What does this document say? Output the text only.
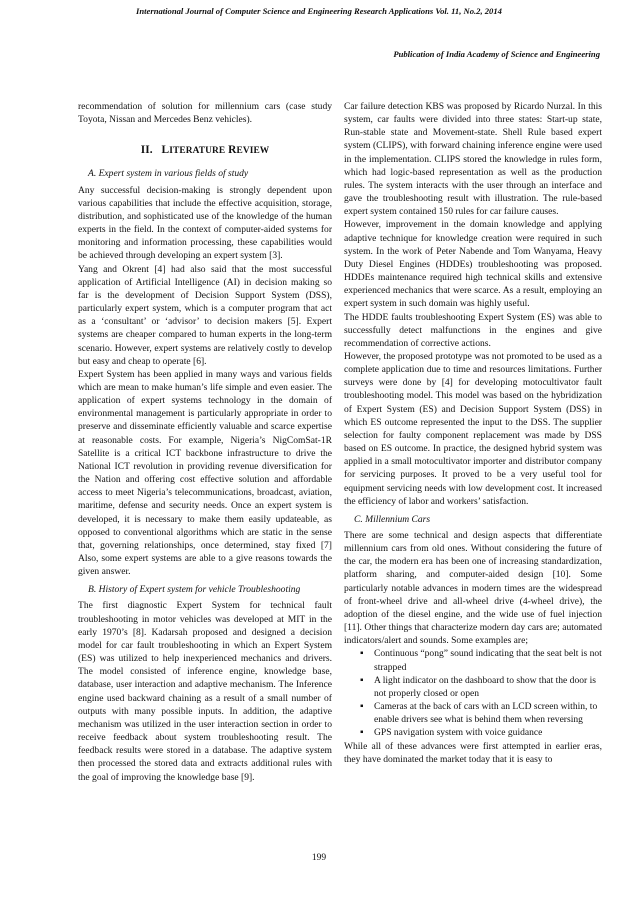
International Journal of Computer Science and Engineering Research Applications Vol. 11, No.2, 2014
Publication of India Academy of Science and Engineering

recommendation of solution for millennium cars (case study Toyota, Nissan and Mercedes Benz vehicles).

II. LITERATURE REVIEW
A. Expert system in various fields of study

Any successful decision-making is strongly dependent upon various capabilities that include the effective acquisition, storage, distribution, and sophisticated use of the knowledge of the human experts in the field. In the context of computer-aided systems for monitoring and information processing, these capabilities would be achieved through developing an expert system [3].

Yang and Okrent [4] had also said that the most successful application of Artificial Intelligence (AI) in decision making so far is the development of Decision Support System (DSS), particularly expert system, which is a computer program that act as a ‘consultant’ or ‘advisor’ to decision makers [5]. Expert systems are cheaper compared to human experts in the long-term scenario. However, expert systems are relatively costly to develop but easy and cheap to operate [6].

Expert System has been applied in many ways and various fields which are mean to make human’s life simple and even easier. The application of expert systems technology in the domain of environmental management is particularly appropriate in order to preserve and disseminate efficiently valuable and scarce expertise at reasonable costs. For example, Nigeria’s NigComSat-1R Satellite is a critical ICT backbone infrastructure to drive the National ICT revolution in providing revenue diversification for the Nation and offering cost effective solution and affordable access to meet Nigeria’s telecommunications, broadcast, aviation, maritime, defense and security needs. Once an expert system is developed, it is necessary to make them easily updateable, as opposed to conventional algorithms which are static in the sense that, governing relationships, once determined, stay fixed [7] Also, some expert systems are able to a give reasons towards the given answer.

B. History of Expert system for vehicle Troubleshooting

The first diagnostic Expert System for technical fault troubleshooting in motor vehicles was developed at MIT in the early 1970’s [8]. Kadarsah proposed and designed a decision model for car fault troubleshooting in which an Expert System (ES) was utilized to help inexperienced mechanics and drivers. The model consisted of inference engine, knowledge base, database, user interaction and adaptive mechanism. The Inference engine used backward chaining as a result of a small number of outputs with many possible inputs. In addition, the adaptive mechanism was utilized in the user interaction section in order to receive feedback about system troubleshooting result. The feedback results were stored in a database. The adaptive system then processed the stored data and extracts additional rules with the goal of improving the knowledge base [9].

Car failure detection KBS was proposed by Ricardo Nurzal. In this system, car faults were divided into three states: Start-up state, Run-stable state and Movement-state. Shell Rule based expert system (CLIPS), with forward chaining inference engine were used in the implementation. CLIPS stored the knowledge in rules form, which had logic-based representation as well as the production rules. The system interacts with the user through an interface and gave the troubleshooting result with illustration. The rule-based expert system contained 150 rules for car failure causes.

However, improvement in the domain knowledge and applying adaptive technique for knowledge creation were required in such system. In the work of Peter Nabende and Tom Wanyama, Heavy Duty Diesel Engines (HDDEs) troubleshooting was proposed. HDDEs maintenance required high technical skills and extensive experienced mechanics that were scarce. As a result, employing an expert system in such domain was highly useful.

The HDDE faults troubleshooting Expert System (ES) was able to successfully detect malfunctions in the engines and give recommendation of corrective actions.

However, the proposed prototype was not promoted to be used as a complete application due to time and resources limitations. Further surveys were done by [4] for developing motocultivator fault troubleshooting model. This model was based on the hybridization of Expert System (ES) and Decision Support System (DSS) in which ES outcome represented the input to the DSS. The supplier selection for faulty component replacement was made by DSS based on ES outcome. In practice, the designed hybrid system was applied in a small motocultivator importer and distributor company for servicing purposes. It proved to be a very useful tool for equipment servicing needs with low development cost. It increased the efficiency of labor and workers’ satisfaction.

C. Millennium Cars

There are some technical and design aspects that differentiate millennium cars from old ones. Without considering the future of the car, the modern era has been one of increasing standardization, platform sharing, and computer-aided design [10]. Some particularly notable advances in modern times are the widespread of front-wheel drive and all-wheel drive (4-wheel drive), the adoption of the diesel engine, and the wide use of fuel injection [11]. Other things that characterize modern day cars are; automated indicators/alert and sounds. Some examples are;

▪ Continuous “pong” sound indicating that the seat belt is not strapped
▪ A light indicator on the dashboard to show that the door is not properly closed or open
▪ Cameras at the back of cars with an LCD screen within, to enable drivers see what is behind them when reversing
▪ GPS navigation system with voice guidance

While all of these advances were first attempted in earlier eras, they have dominated the market today that it is easy to

199
